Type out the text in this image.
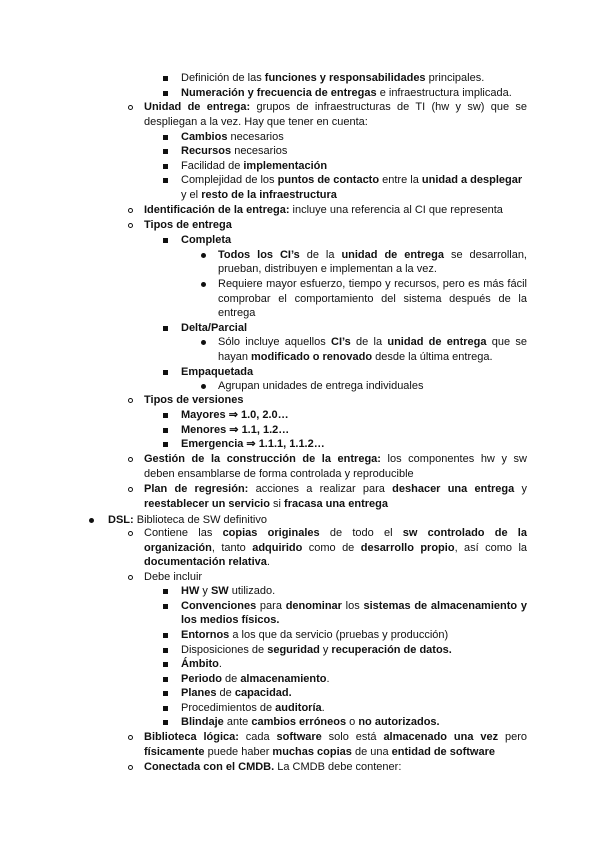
Definición de las funciones y responsabilidades principales.
Numeración y frecuencia de entregas e infraestructura implicada.
Unidad de entrega: grupos de infraestructuras de TI (hw y sw) que se
despliegan a la vez. Hay que tener en cuenta:
Cambios necesarios
Recursos necesarios
Facilidad de implementación
Complejidad de los puntos de contacto entre la unidad a desplegar
y el resto de la infraestructura
Identificación de la entrega: incluye una referencia al CI que representa
Tipos de entrega
Completa
Todos los CI’s de la unidad de entrega se desarrollan,
prueban, distribuyen e implementan a la vez.
Requiere mayor esfuerzo, tiempo y recursos, pero es más fácil
comprobar el comportamiento del sistema después de la
entrega
Delta/Parcial
Sólo incluye aquellos CI’s de la unidad de entrega que se
hayan modificado o renovado desde la última entrega.
Empaquetada
Agrupan unidades de entrega individuales
Tipos de versiones
Mayores ⇒ 1.0, 2.0…
Menores ⇒ 1.1, 1.2…
Emergencia ⇒ 1.1.1, 1.1.2…
Gestión de la construcción de la entrega: los componentes hw y sw
deben ensamblarse de forma controlada y reproducible
Plan de regresión: acciones a realizar para deshacer una entrega y
reestablecer un servicio si fracasa una entrega
DSL: Biblioteca de SW definitivo
Contiene las copias originales de todo el sw controlado de la
organización, tanto adquirido como de desarrollo propio, así como la
documentación relativa.
Debe incluir
HW y SW utilizado.
Convenciones para denominar los sistemas de almacenamiento y
los medios físicos.
Entornos a los que da servicio (pruebas y producción)
Disposiciones de seguridad y recuperación de datos.
Ámbito.
Periodo de almacenamiento.
Planes de capacidad.
Procedimientos de auditoría.
Blindaje ante cambios erróneos o no autorizados.
Biblioteca lógica: cada software solo está almacenado una vez pero
físicamente puede haber muchas copias de una entidad de software
Conectada con el CMDB. La CMDB debe contener:
